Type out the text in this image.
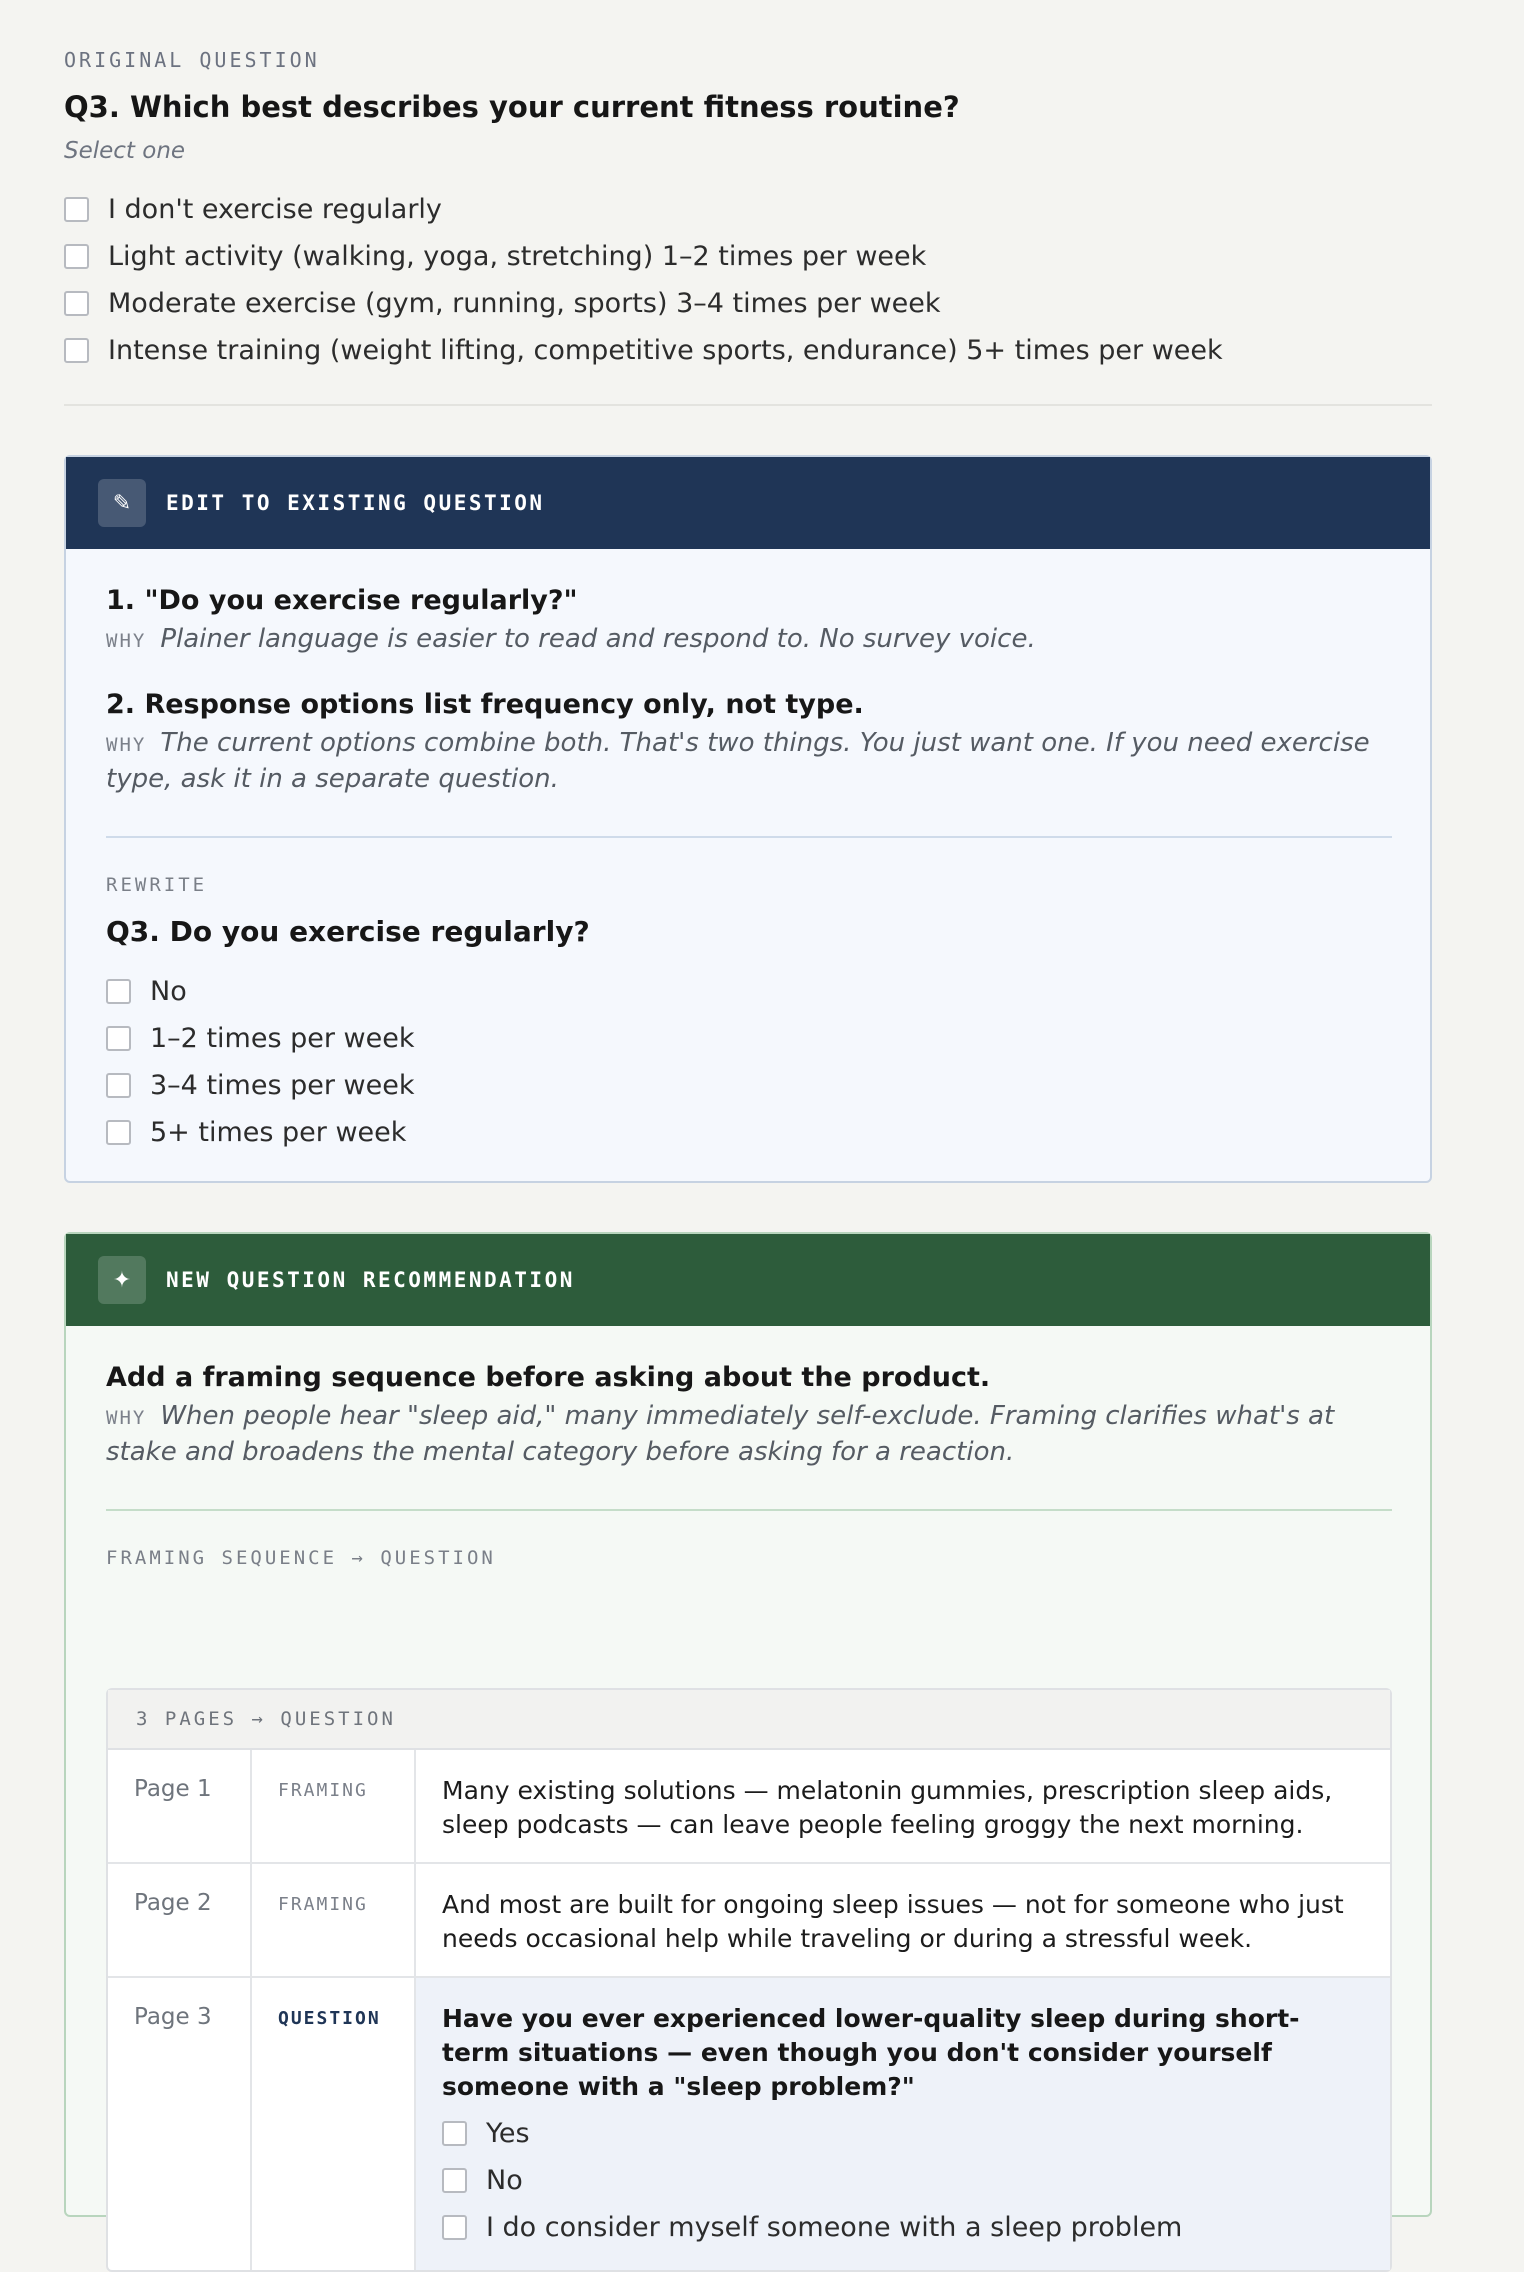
ORIGINAL QUESTION
Q3. Which best describes your current fitness routine?
Select one
I don't exercise regularly
Light activity (walking, yoga, stretching) 1–2 times per week
Moderate exercise (gym, running, sports) 3–4 times per week
Intense training (weight lifting, competitive sports, endurance) 5+ times per week
✎	EDIT TO EXISTING QUESTION
1. "Do you exercise regularly?"
WHY Plainer language is easier to read and respond to. No survey voice.
2. Response options list frequency only, not type.
WHY The current options combine both. That's two things. You just want one. If you need exercise type, ask it in a separate question.
REWRITE
Q3. Do you exercise regularly?
No
1–2 times per week
3–4 times per week
5+ times per week
✦	NEW QUESTION RECOMMENDATION
Add a framing sequence before asking about the product.
WHY When people hear "sleep aid," many immediately self-exclude. Framing clarifies what's at stake and broadens the mental category before asking for a reaction.
FRAMING SEQUENCE → QUESTION
3 PAGES → QUESTION
Page 1	FRAMING	Many existing solutions — melatonin gummies, prescription sleep aids, sleep podcasts — can leave people feeling groggy the next morning.
Page 2	FRAMING	And most are built for ongoing sleep issues — not for someone who just needs occasional help while traveling or during a stressful week.
Page 3	QUESTION	Have you ever experienced lower-quality sleep during short-term situations — even though you don't consider yourself someone with a "sleep problem?"
Yes
No
I do consider myself someone with a sleep problem
